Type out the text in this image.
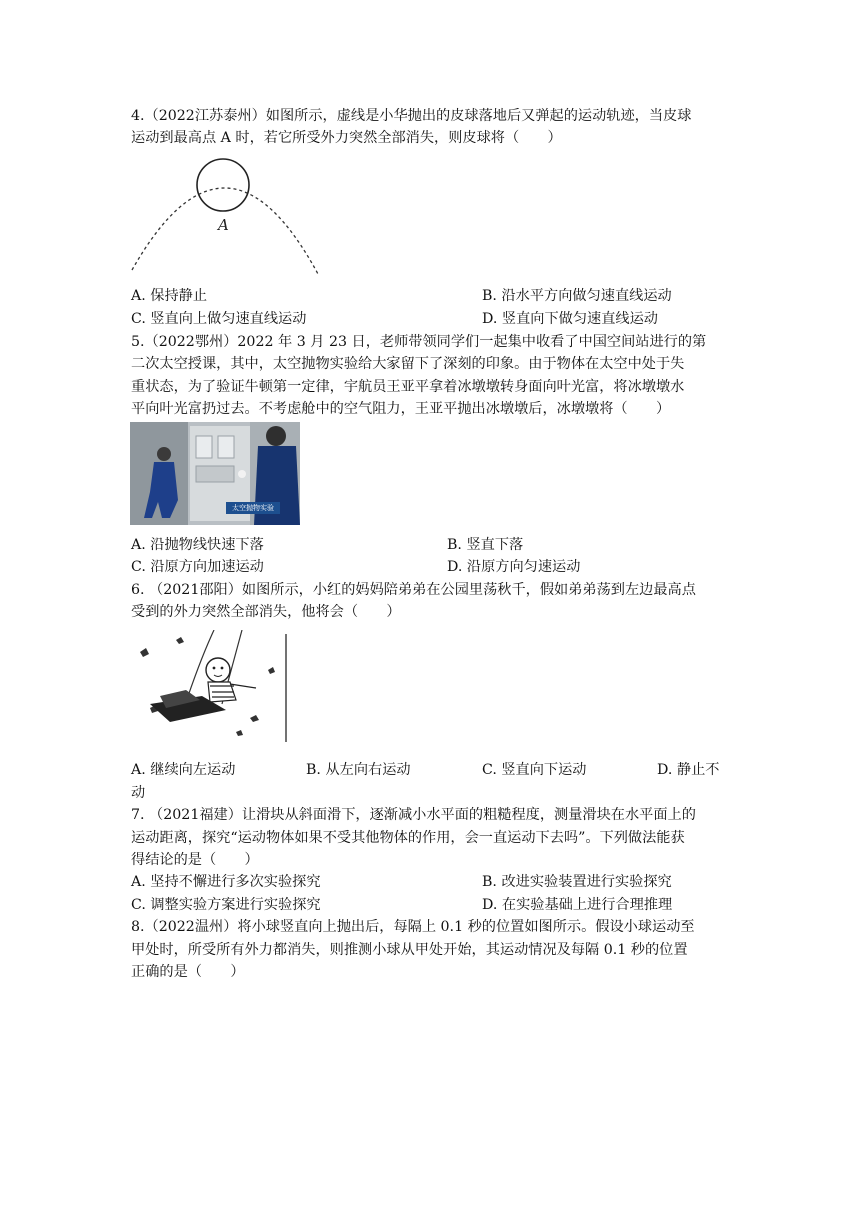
4.（2022江苏泰州）如图所示，虚线是小华抛出的皮球落地后又弹起的运动轨迹，当皮球
运动到最高点 A 时，若它所受外力突然全部消失，则皮球将（　　）
A
A. 保持静止	B. 沿水平方向做匀速直线运动
C. 竖直向上做匀速直线运动	D. 竖直向下做匀速直线运动
5.（2022鄂州）2022 年 3 月 23 日，老师带领同学们一起集中收看了中国空间站进行的第
二次太空授课，其中，太空抛物实验给大家留下了深刻的印象。由于物体在太空中处于失
重状态，为了验证牛顿第一定律，宇航员王亚平拿着冰墩墩转身面向叶光富，将冰墩墩水
平向叶光富扔过去。不考虑舱中的空气阻力，王亚平抛出冰墩墩后，冰墩墩将（　　）
太空抛物实验
A. 沿抛物线快速下落	B. 竖直下落
C. 沿原方向加速运动	D. 沿原方向匀速运动
6. （2021邵阳）如图所示，小红的妈妈陪弟弟在公园里荡秋千，假如弟弟荡到左边最高点
受到的外力突然全部消失，他将会（　　）
A. 继续向左运动	B. 从左向右运动	C. 竖直向下运动	D. 静止不
动
7. （2021福建）让滑块从斜面滑下，逐渐减小水平面的粗糙程度，测量滑块在水平面上的
运动距离，探究“运动物体如果不受其他物体的作用，会一直运动下去吗”。下列做法能获
得结论的是（　　）
A. 坚持不懈进行多次实验探究	B. 改进实验装置进行实验探究
C. 调整实验方案进行实验探究	D. 在实验基础上进行合理推理
8.（2022温州）将小球竖直向上抛出后，每隔上 0.1 秒的位置如图所示。假设小球运动至
甲处时，所受所有外力都消失，则推测小球从甲处开始，其运动情况及每隔 0.1 秒的位置
正确的是（　　）
